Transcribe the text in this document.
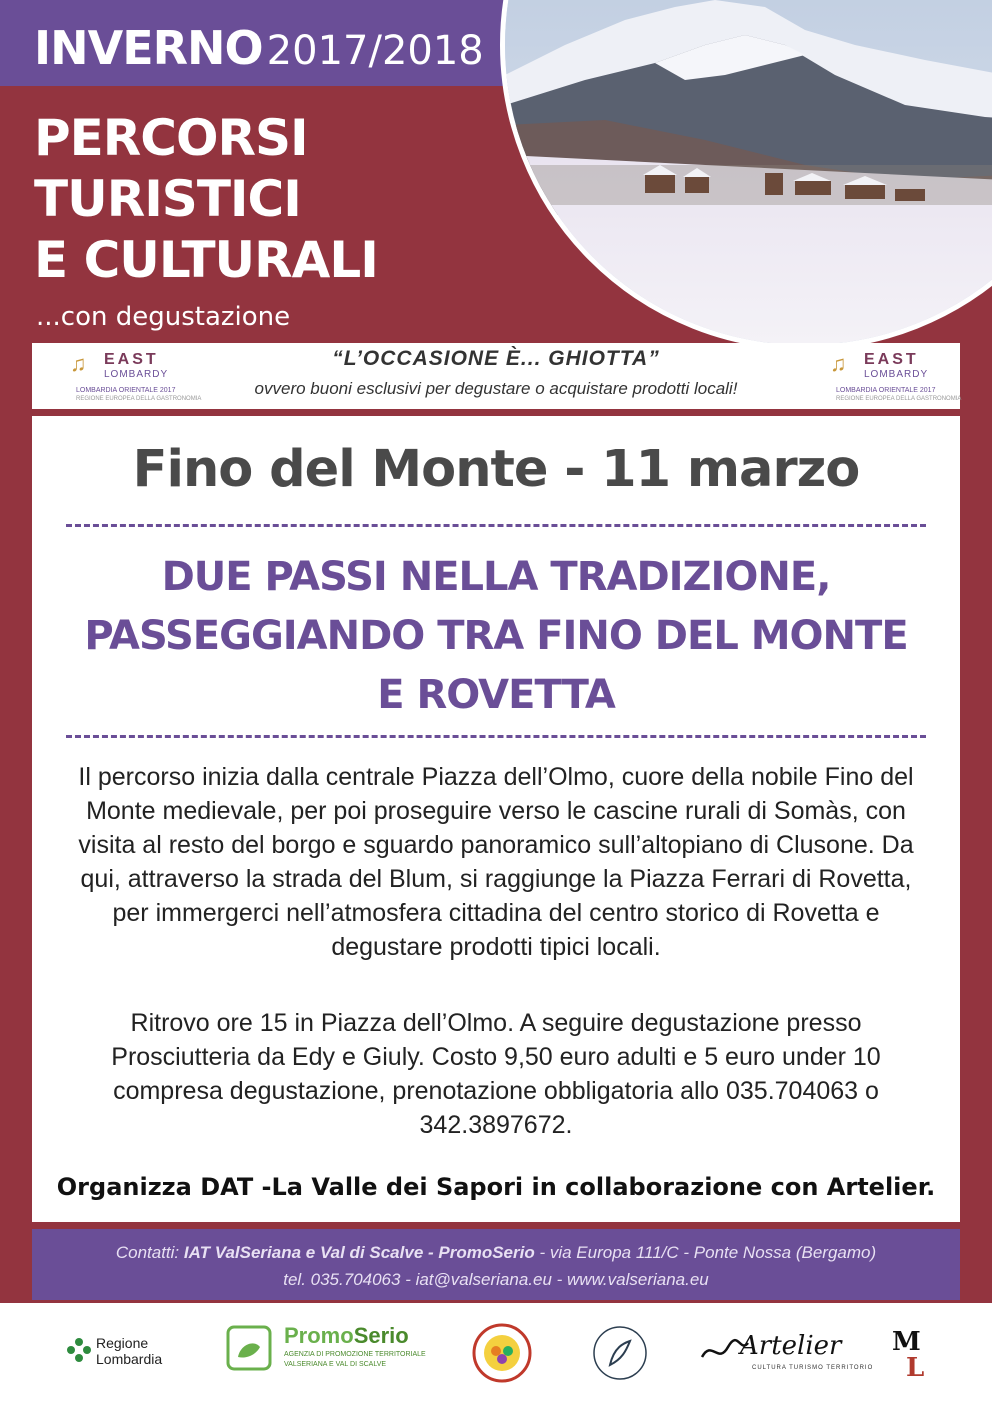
INVERNO 2017/2018
PERCORSI
TURISTICI
E CULTURALI
...con degustazione
♫ EAST
LOMBARDY
LOMBARDIA ORIENTALE 2017
REGIONE EUROPEA DELLA GASTRONOMIA
“L’OCCASIONE È... GHIOTTA”
ovvero buoni esclusivi per degustare o acquistare prodotti locali!
♫ EAST
LOMBARDY
LOMBARDIA ORIENTALE 2017
REGIONE EUROPEA DELLA GASTRONOMIA
Fino del Monte - 11 marzo
DUE PASSI NELLA TRADIZIONE,
PASSEGGIANDO TRA FINO DEL MONTE
E ROVETTA
Il percorso inizia dalla centrale Piazza dell’Olmo, cuore della nobile Fino del Monte medievale, per poi proseguire verso le cascine rurali di Somàs, con visita al resto del borgo e sguardo panoramico sull’altopiano di Clusone. Da qui, attraverso la strada del Blum, si raggiunge la Piazza Ferrari di Rovetta, per immergerci nell’atmosfera cittadina del centro storico di Rovetta e degustare prodotti tipici locali.
Ritrovo ore 15 in Piazza dell’Olmo. A seguire degustazione presso Prosciutteria da Edy e Giuly. Costo 9,50 euro adulti e 5 euro under 10 compresa degustazione, prenotazione obbligatoria allo 035.704063 o 342.3897672.
Organizza DAT -La Valle dei Sapori in collaborazione con Artelier.
Contatti: IAT ValSeriana e Val di Scalve - PromoSerio - via Europa 111/C - Ponte Nossa (Bergamo)
tel. 035.704063 - iat@valseriana.eu - www.valseriana.eu
Regione
Lombardia
PromoSerio
AGENZIA DI PROMOZIONE TERRITORIALE
VALSERIANA E VAL DI SCALVE
Artelier
CULTURA TURISMO TERRITORIO
M
L
